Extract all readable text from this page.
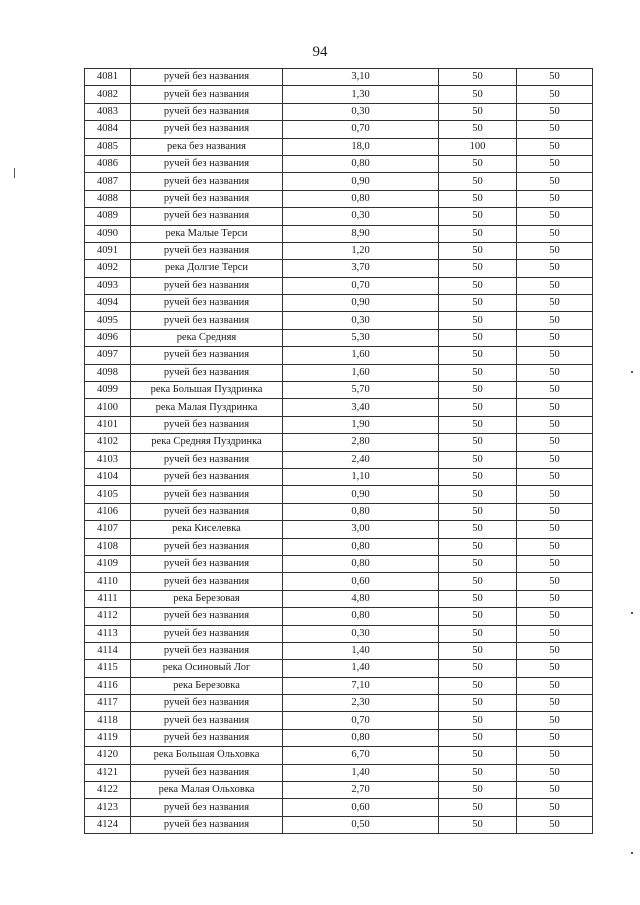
94
4081	ручей без названия	3,10	50	50
4082	ручей без названия	1,30	50	50
4083	ручей без названия	0,30	50	50
4084	ручей без названия	0,70	50	50
4085	река без названия	18,0	100	50
4086	ручей без названия	0,80	50	50
4087	ручей без названия	0,90	50	50
4088	ручей без названия	0,80	50	50
4089	ручей без названия	0,30	50	50
4090	река Малые Терси	8,90	50	50
4091	ручей без названия	1,20	50	50
4092	река Долгие Терси	3,70	50	50
4093	ручей без названия	0,70	50	50
4094	ручей без названия	0,90	50	50
4095	ручей без названия	0,30	50	50
4096	река Средняя	5,30	50	50
4097	ручей без названия	1,60	50	50
4098	ручей без названия	1,60	50	50
4099	река Большая Пуздринка	5,70	50	50
4100	река Малая Пуздринка	3,40	50	50
4101	ручей без названия	1,90	50	50
4102	река Средняя Пуздринка	2,80	50	50
4103	ручей без названия	2,40	50	50
4104	ручей без названия	1,10	50	50
4105	ручей без названия	0,90	50	50
4106	ручей без названия	0,80	50	50
4107	река Киселевка	3,00	50	50
4108	ручей без названия	0,80	50	50
4109	ручей без названия	0,80	50	50
4110	ручей без названия	0,60	50	50
4111	река Березовая	4,80	50	50
4112	ручей без названия	0,80	50	50
4113	ручей без названия	0,30	50	50
4114	ручей без названия	1,40	50	50
4115	река Осиновый Лог	1,40	50	50
4116	река Березовка	7,10	50	50
4117	ручей без названия	2,30	50	50
4118	ручей без названия	0,70	50	50
4119	ручей без названия	0,80	50	50
4120	река Большая Ольховка	6,70	50	50
4121	ручей без названия	1,40	50	50
4122	река Малая Ольховка	2,70	50	50
4123	ручей без названия	0,60	50	50
4124	ручей без названия	0,50	50	50
